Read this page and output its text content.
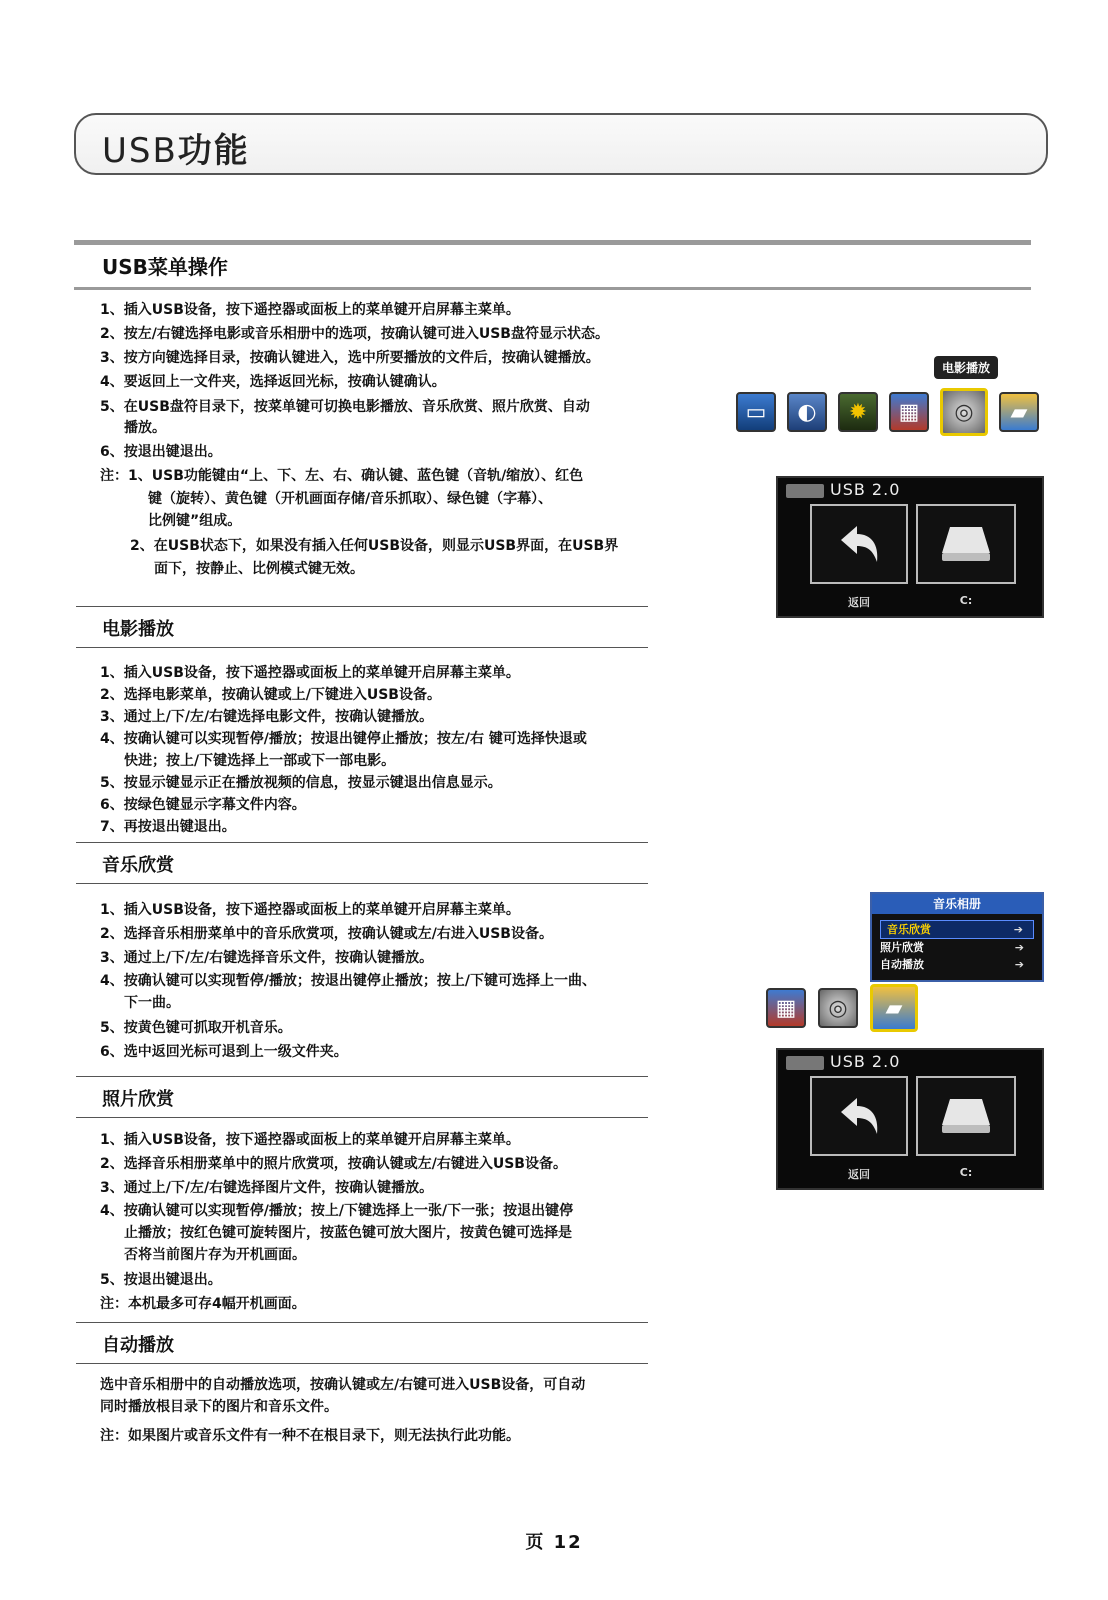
USB功能
USB菜单操作
1、插入USB设备，按下遥控器或面板上的菜单键开启屏幕主菜单。
2、按左/右键选择电影或音乐相册中的选项，按确认键可进入USB盘符显示状态。
3、按方向键选择目录，按确认键进入，选中所要播放的文件后，按确认键播放。
4、要返回上一文件夹，选择返回光标，按确认键确认。
5、在USB盘符目录下，按菜单键可切换电影播放、音乐欣赏、照片欣赏、自动
播放。
6、按退出键退出。
注：1、USB功能键由“上、下、左、右、确认键、蓝色键（音轨/缩放）、红色
键（旋转）、黄色键（开机画面存储/音乐抓取）、绿色键（字幕）、
比例键”组成。
2、在USB状态下，如果没有插入任何USB设备，则显示USB界面，在USB界
面下，按静止、比例模式键无效。
电影播放
1、插入USB设备，按下遥控器或面板上的菜单键开启屏幕主菜单。
2、选择电影菜单，按确认键或上/下键进入USB设备。
3、通过上/下/左/右键选择电影文件，按确认键播放。
4、按确认键可以实现暂停/播放；按退出键停止播放；按左/右 键可选择快退或
快进；按上/下键选择上一部或下一部电影。
5、按显示键显示正在播放视频的信息，按显示键退出信息显示。
6、按绿色键显示字幕文件内容。
7、再按退出键退出。
音乐欣赏
1、插入USB设备，按下遥控器或面板上的菜单键开启屏幕主菜单。
2、选择音乐相册菜单中的音乐欣赏项，按确认键或左/右进入USB设备。
3、通过上/下/左/右键选择音乐文件，按确认键播放。
4、按确认键可以实现暂停/播放；按退出键停止播放；按上/下键可选择上一曲、
下一曲。
5、按黄色键可抓取开机音乐。
6、选中返回光标可退到上一级文件夹。
照片欣赏
1、插入USB设备，按下遥控器或面板上的菜单键开启屏幕主菜单。
2、选择音乐相册菜单中的照片欣赏项，按确认键或左/右键进入USB设备。
3、通过上/下/左/右键选择图片文件，按确认键播放。
4、按确认键可以实现暂停/播放；按上/下键选择上一张/下一张；按退出键停
止播放；按红色键可旋转图片，按蓝色键可放大图片，按黄色键可选择是
否将当前图片存为开机画面。
5、按退出键退出。
注：本机最多可存4幅开机画面。
自动播放
选中音乐相册中的自动播放选项，按确认键或左/右键可进入USB设备，可自动
同时播放根目录下的图片和音乐文件。
注：如果图片或音乐文件有一种不在根目录下，则无法执行此功能。
电影播放
▭	◐	✹	▦	◎	▰
USB 2.0
返回	C:
音乐相册
音乐欣赏	➔
照片欣赏	➔
自动播放	➔
▦	◎	▰
USB 2.0
返回	C:
页 12
